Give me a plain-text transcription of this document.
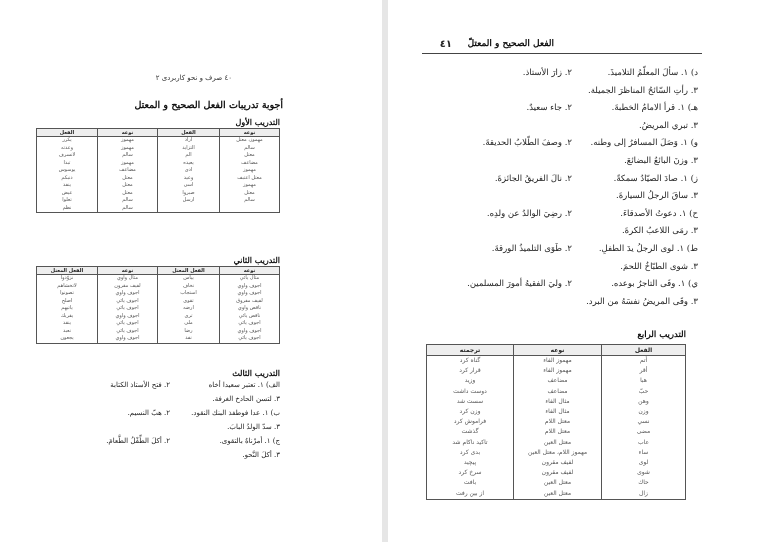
٤٠ صرف و نحو کاربردی ٢
أجوبة تدريبات الفعل الصحيح و المعتل
التدريب الأول
نوعه	الفعل	نوعه	الفعل
مهموز، معتل	أراد	مهموز	يكرر
سالم	التزايد	مهموز	وعدته
معتل	ألم	سالم	لانسرف
مضاعف	يعيده	مهموز	تبدأ
مهموز	أدى	مضاعف	يوسوس
معتل اعتبف	وعيد	معتل	دنبكم
مهموز	أسى	معتل	ينفذ
معتل	صبروا	معتل	عيض
سالم	أرسل	سالم	تعلوا
		سالم	نظم
التدريب الثاني
نوعه	الفعل المعتل	نوعه	الفعل المعتل
مثال يائي	ييأس	مثال واوي	نزوّدوا
أجوف واوي	نخاف	لفيف مقرون	لاتخشاهم
أجوف واوي	استجاب	أجوف واوي	تصونوا
لفيف مفروق	تقوى	أجوف يائي	أصلح
ناقص واوي	أرضه	أجوف يائي	يأتيهم
ناقص يائي	ترى	أجوف واوي	يقربك
أجوف يائي	ملى	أجوف يائي	ينقذ
أجوف واوي	رضا	أجوف يائي	نعبد
أجوف يائي	نفذ	أجوف واوي	يجعون
التدريب الثالث
الف) ١. تعتبر سعيدا أخاه
٢. فتح الأستاذ الكتابة
٣. لتسن الحادخ الغرفة.
ب) ١. عدا فوطفذ البنك النقود.
٢. هبّ النسيم.
٣. سدّ الولدُ البابَ.
ج) ١. أمرْناهُ بالتقوى.
٢. أكلَ الطِّفْلُ الطَّعامَ.
٣. أكلَ النَّحو.
٤١ الفعل الصحيح و المعتلّ
د) ١. سألَ المعلّمُ التلاميذَ.
٢. زارَ الأستاذ.
٣. رأتِ السّائحُ المناظرَ الجميلة.
هـ) ١. قرأ الامامُ الخطبةَ.
٢. جاء سعيدٌ.
٣. تبري المريضُ.
و) ١. وَصَلَ المسافرُ إلى وطنه.
٢. وصفَ الطّلابُ الحديقةَ.
٣. وزنَ البائعُ البضائعَ.
ز) ١. صادَ الصيّادُ سمكةً.
٢. نالَ الفريقُ الجائزةَ.
٣. ساقَ الرجلُ السيارةَ.
ح) ١. دعوتُ الأصدقاءَ.
٢. رضِيَ الوالدُ عن ولدِه.
٣. رمَى اللاعبُ الكرةَ.
ط) ١. لوى الرجلُ يدَ الطفلِ.
٢. طَوَى التلميذُ الورقةَ.
٣. شوى الطبّاخُ اللحمَ.
ي) ١. وفَى التاجرُ بوعده.
٢. وليَ الفقيهُ أمورَ المسلمين.
٣. وقَى المريضُ نفسَهُ من البرد.
التدريب الرابع
الفعل	نوعه	ترجمته
أتم	مهموز الفاء	گناه کرد
أقر	مهموز الفاء	قرار کرد
هبا	مضاعف	وزيد
حبّ	مضاعف	دوست داشت
وهن	مثال الفاء	سست شد
وزن	مثال الفاء	وزن کرد
نسي	معتل اللام	فراموش کرد
مضى	معتل اللام	گذشت
عاب	معتل العين	تاکيد ناکام شد
ساء	مهموز اللام، معتل العين	بدی کرد
لوى	لفيف مقرون	پيچيد
شوى	لفيف مقرون	سرخ کرد
حاك	معتل العين	بافت
زال	معتل العين	از بين رفت
